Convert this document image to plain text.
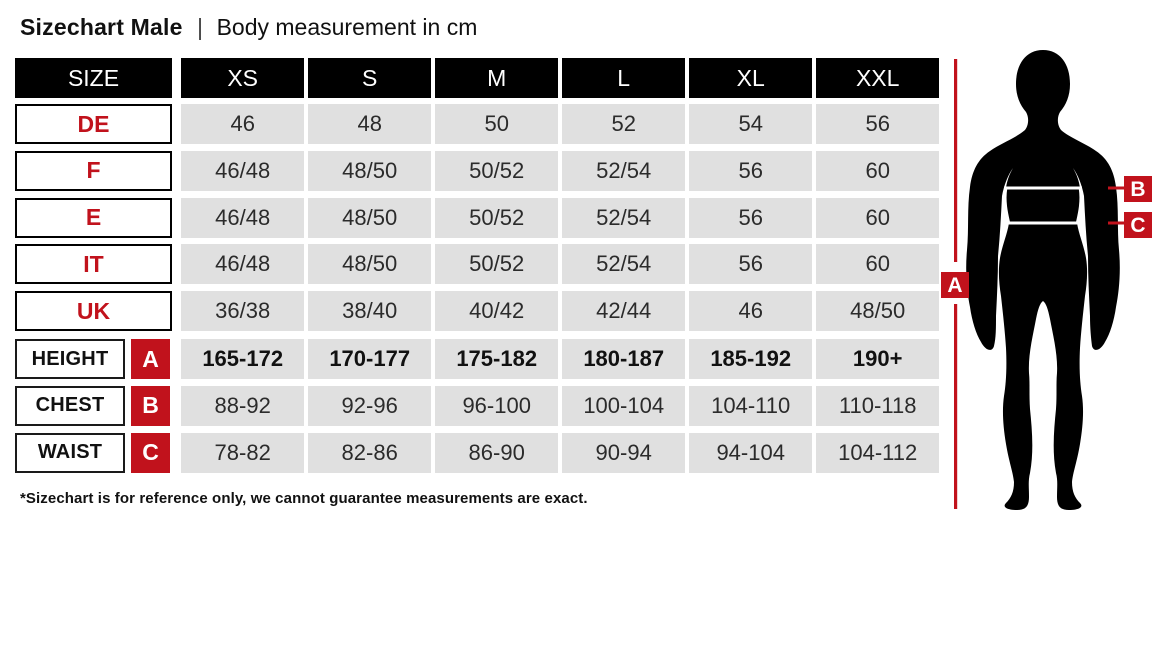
Sizechart Male | Body measurement in cm
SIZE	XS	S	M	L	XL	XXL
DE	46	48	50	52	54	56
F	46/48	48/50	50/52	52/54	56	60
E	46/48	48/50	50/52	52/54	56	60
IT	46/48	48/50	50/52	52/54	56	60
UK	36/38	38/40	40/42	42/44	46	48/50
HEIGHT	A	165-172	170-177	175-182	180-187	185-192	190+
CHEST	B	88-92	92-96	96-100	100-104	104-110	110-118
WAIST	C	78-82	82-86	86-90	90-94	94-104	104-112

*Sizechart is for reference only, we cannot guarantee measurements are exact.

A
B
C
